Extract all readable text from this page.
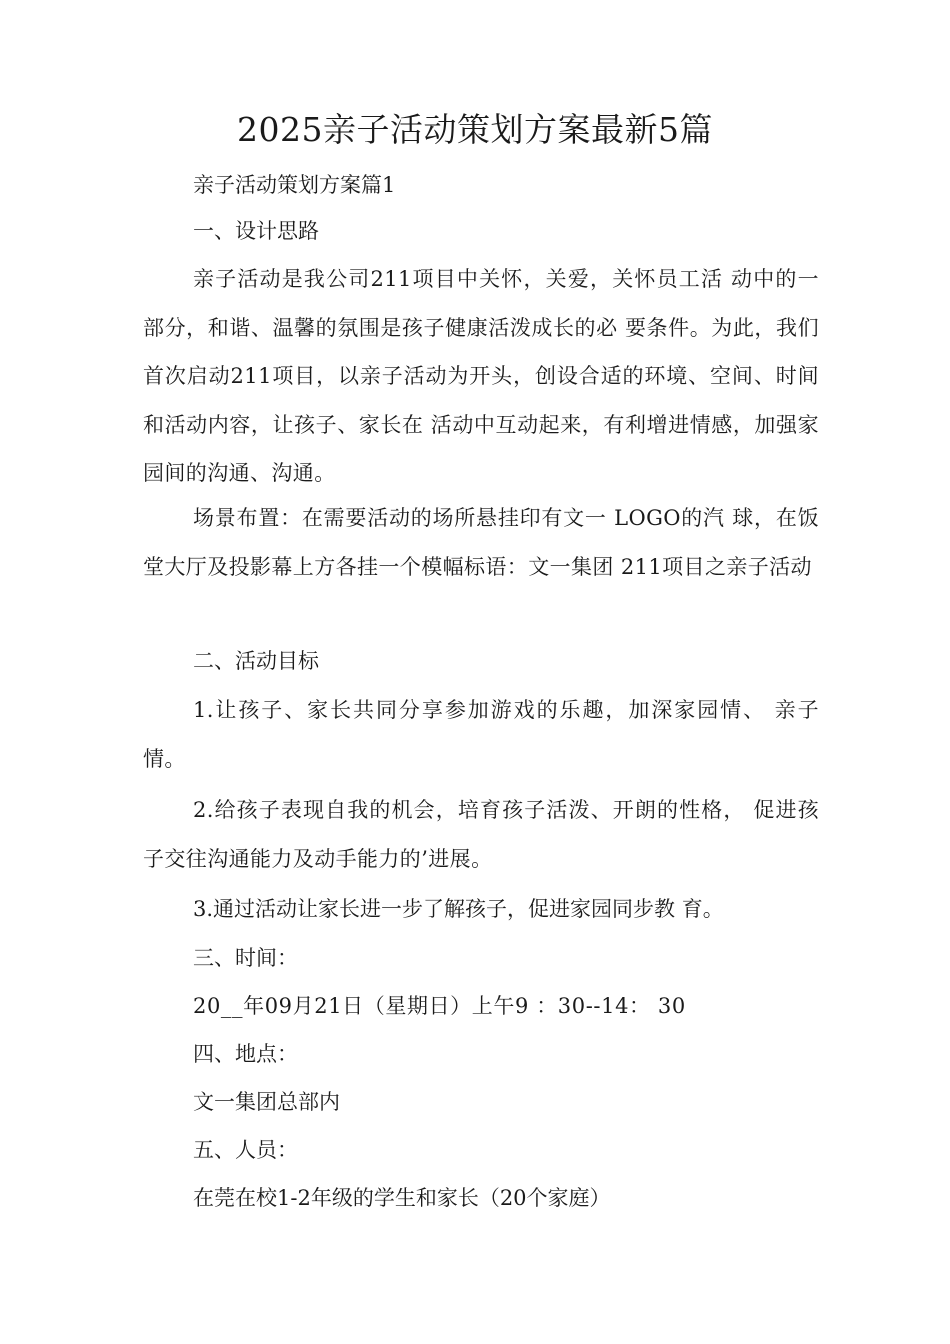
2025亲子活动策划方案最新5篇
亲子活动策划方案篇1
一、设计思路
亲子活动是我公司211项目中关怀，关爱，关怀员工活 动中的一部分，和谐、温馨的氛围是孩子健康活泼成长的必 要条件。为此，我们首次启动211项目，以亲子活动为开头，创设合适的环境、空间、时间和活动内容，让孩子、家长在 活动中互动起来，有利增进情感，加强家园间的沟通、沟通。
场景布置：在需要活动的场所悬挂印有文一 LOGO的汽 球，在饭堂大厅及投影幕上方各挂一个模幅标语：文一集团 211项目之亲子活动
二、活动目标
1.让孩子、家长共同分享参加游戏的乐趣，加深家园情、 亲子情。
2.给孩子表现自我的机会，培育孩子活泼、开朗的性格， 促进孩子交往沟通能力及动手能力的’进展。
3.通过活动让家长进一步了解孩子，促进家园同步教 育。
三、时间：
20__年09月21日（星期日）上午9 ：30--14： 30
四、地点：
文一集团总部内
五、人员：
在莞在校1-2年级的学生和家长（20个家庭）
